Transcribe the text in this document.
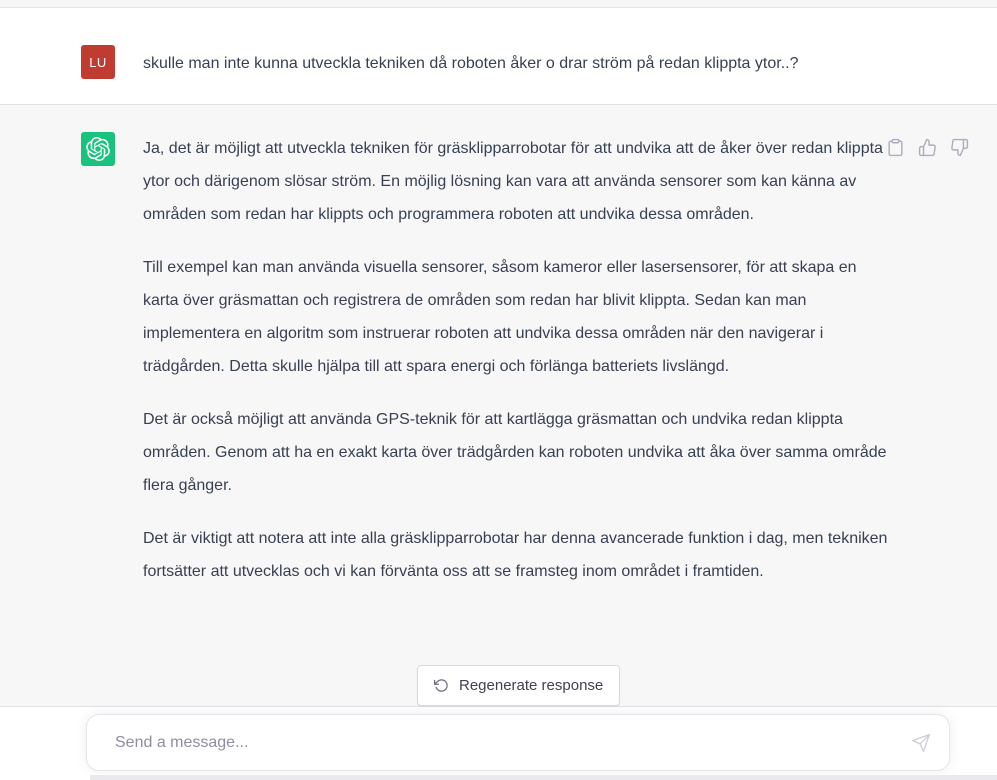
LU	skulle man inte kunna utveckla tekniken då roboten åker o drar ström på redan klippta ytor..?

Ja, det är möjligt att utveckla tekniken för gräsklipparrobotar för att undvika att de åker över redan klippta ytor och därigenom slösar ström. En möjlig lösning kan vara att använda sensorer som kan känna av områden som redan har klippts och programmera roboten att undvika dessa områden.

Till exempel kan man använda visuella sensorer, såsom kameror eller lasersensorer, för att skapa en karta över gräsmattan och registrera de områden som redan har blivit klippta. Sedan kan man implementera en algoritm som instruerar roboten att undvika dessa områden när den navigerar i trädgården. Detta skulle hjälpa till att spara energi och förlänga batteriets livslängd.

Det är också möjligt att använda GPS-teknik för att kartlägga gräsmattan och undvika redan klippta områden. Genom att ha en exakt karta över trädgården kan roboten undvika att åka över samma område flera gånger.

Det är viktigt att notera att inte alla gräsklipparrobotar har denna avancerade funktion i dag, men tekniken fortsätter att utvecklas och vi kan förvänta oss att se framsteg inom området i framtiden.

Regenerate response
Send a message...
